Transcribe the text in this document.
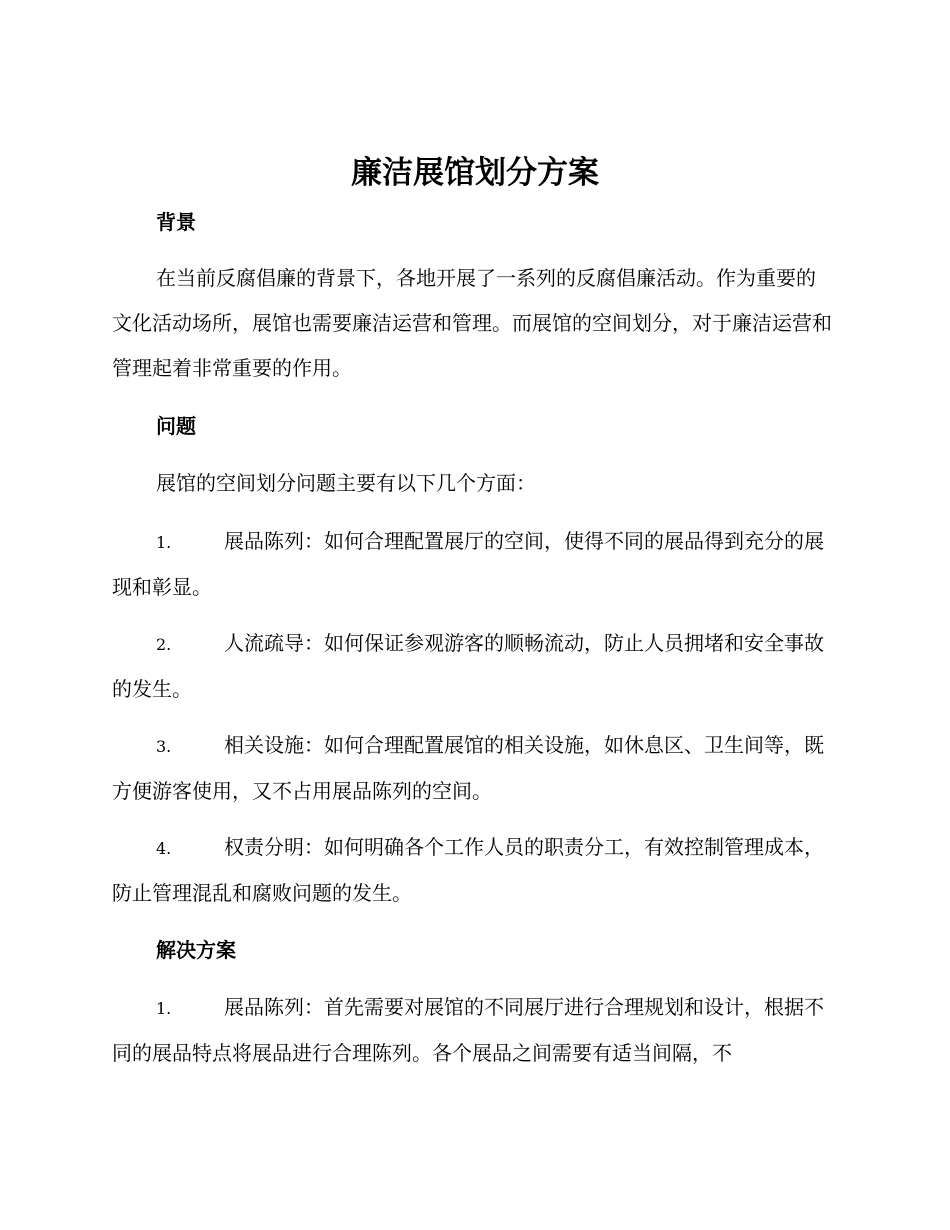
廉洁展馆划分方案
背景

在当前反腐倡廉的背景下，各地开展了一系列的反腐倡廉活动。作为重要的文化活动场所，展馆也需要廉洁运营和管理。而展馆的空间划分，对于廉洁运营和管理起着非常重要的作用。

问题
展馆的空间划分问题主要有以下几个方面：

1.	展品陈列：如何合理配置展厅的空间，使得不同的展品得到充分的展现和彰显。

2.	人流疏导：如何保证参观游客的顺畅流动，防止人员拥堵和安全事故的发生。

3.	相关设施：如何合理配置展馆的相关设施，如休息区、卫生间等，既方便游客使用，又不占用展品陈列的空间。

4.	权责分明：如何明确各个工作人员的职责分工，有效控制管理成本，防止管理混乱和腐败问题的发生。

解决方案

1.	展品陈列：首先需要对展馆的不同展厅进行合理规划和设计，根据不同的展品特点将展品进行合理陈列。各个展品之间需要有适当间隔，不
